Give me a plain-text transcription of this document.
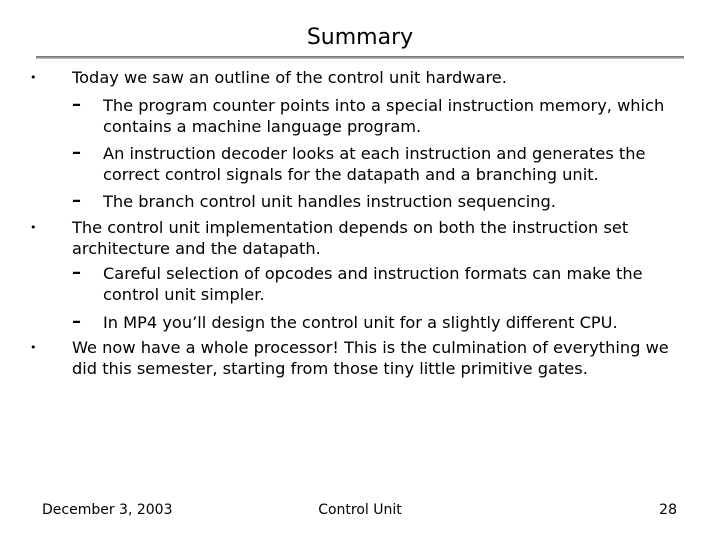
Summary
• Today we saw an outline of the control unit hardware.
– The program counter points into a special instruction memory, which contains a machine language program.
– An instruction decoder looks at each instruction and generates the correct control signals for the datapath and a branching unit.
– The branch control unit handles instruction sequencing.
• The control unit implementation depends on both the instruction set architecture and the datapath.
– Careful selection of opcodes and instruction formats can make the control unit simpler.
– In MP4 you’ll design the control unit for a slightly different CPU.
• We now have a whole processor! This is the culmination of everything we did this semester, starting from those tiny little primitive gates.
December 3, 2003	Control Unit	28
